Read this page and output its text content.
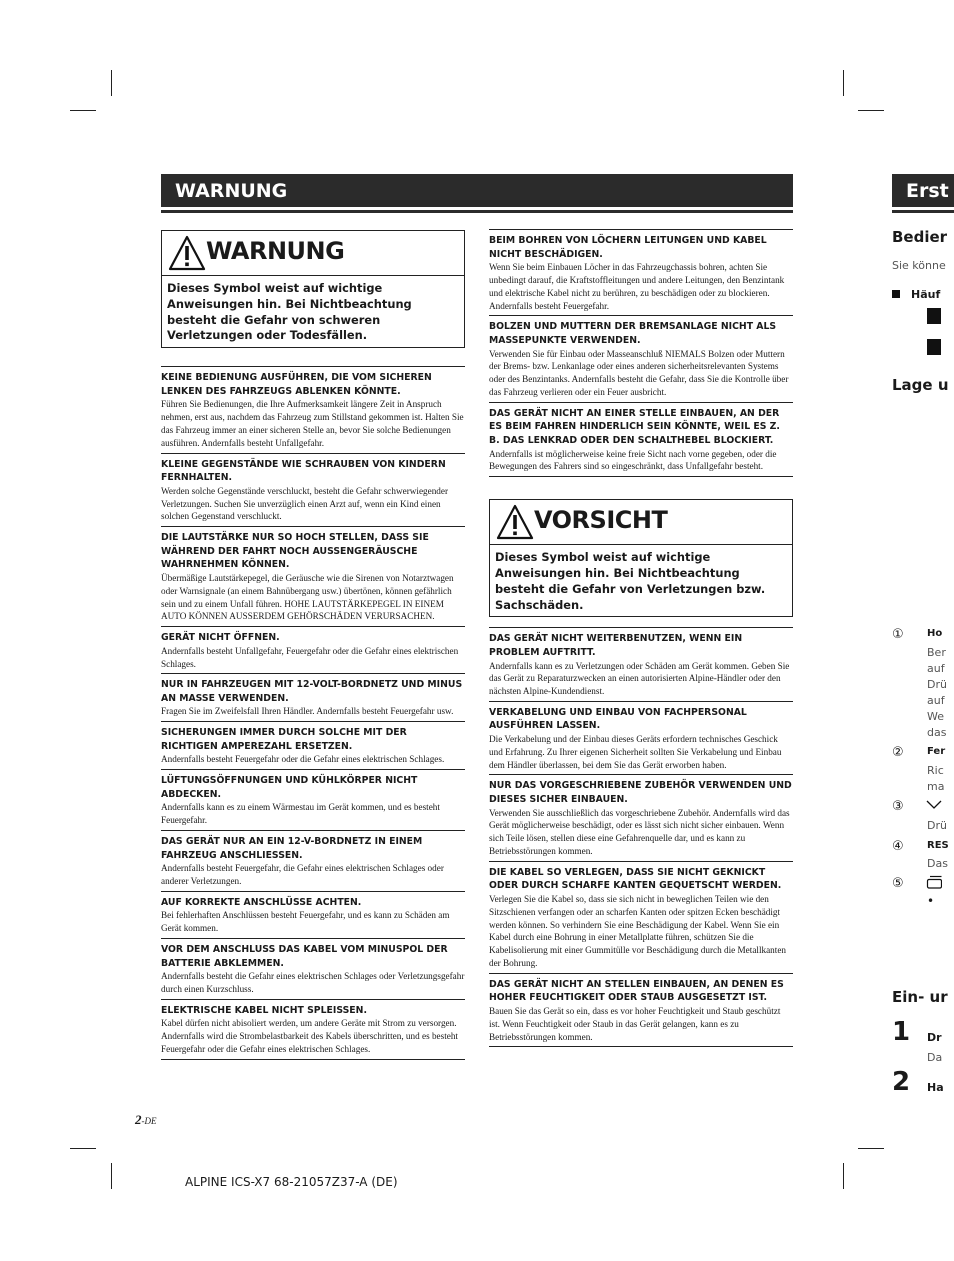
WARNUNG
WARNUNG
Dieses Symbol weist auf wichtige Anweisungen hin. Bei Nichtbeachtung besteht die Gefahr von schweren Verletzungen oder Todesfällen.
KEINE BEDIENUNG AUSFÜHREN, DIE VOM SICHEREN LENKEN DES FAHRZEUGS ABLENKEN KÖNNTE.
Führen Sie Bedienungen, die Ihre Aufmerksamkeit längere Zeit in Anspruch nehmen, erst aus, nachdem das Fahrzeug zum Stillstand gekommen ist. Halten Sie das Fahrzeug immer an einer sicheren Stelle an, bevor Sie solche Bedienungen ausführen. Andernfalls besteht Unfallgefahr.
KLEINE GEGENSTÄNDE WIE SCHRAUBEN VON KINDERN FERNHALTEN.
Werden solche Gegenstände verschluckt, besteht die Gefahr schwerwiegender Verletzungen. Suchen Sie unverzüglich einen Arzt auf, wenn ein Kind einen solchen Gegenstand verschluckt.
DIE LAUTSTÄRKE NUR SO HOCH STELLEN, DASS SIE WÄHREND DER FAHRT NOCH AUSSENGERÄUSCHE WAHRNEHMEN KÖNNEN.
Übermäßige Lautstärkepegel, die Geräusche wie die Sirenen von Notarztwagen oder Warnsignale (an einem Bahnübergang usw.) übertönen, können gefährlich sein und zu einem Unfall führen. HOHE LAUTSTÄRKEPEGEL IN EINEM AUTO KÖNNEN AUSSERDEM GEHÖRSCHÄDEN VERURSACHEN.
GERÄT NICHT ÖFFNEN.
Andernfalls besteht Unfallgefahr, Feuergefahr oder die Gefahr eines elektrischen Schlages.
NUR IN FAHRZEUGEN MIT 12-VOLT-BORDNETZ UND MINUS AN MASSE VERWENDEN.
Fragen Sie im Zweifelsfall Ihren Händler. Andernfalls besteht Feuergefahr usw.
SICHERUNGEN IMMER DURCH SOLCHE MIT DER RICHTIGEN AMPEREZAHL ERSETZEN.
Andernfalls besteht Feuergefahr oder die Gefahr eines elektrischen Schlages.
LÜFTUNGSÖFFNUNGEN UND KÜHLKÖRPER NICHT ABDECKEN.
Andernfalls kann es zu einem Wärmestau im Gerät kommen, und es besteht Feuergefahr.
DAS GERÄT NUR AN EIN 12-V-BORDNETZ IN EINEM FAHRZEUG ANSCHLIESSEN.
Andernfalls besteht Feuergefahr, die Gefahr eines elektrischen Schlages oder anderer Verletzungen.
AUF KORREKTE ANSCHLÜSSE ACHTEN.
Bei fehlerhaften Anschlüssen besteht Feuergefahr, und es kann zu Schäden am Gerät kommen.
VOR DEM ANSCHLUSS DAS KABEL VOM MINUSPOL DER BATTERIE ABKLEMMEN.
Andernfalls besteht die Gefahr eines elektrischen Schlages oder Verletzungsgefahr durch einen Kurzschluss.
ELEKTRISCHE KABEL NICHT SPLEISSEN.
Kabel dürfen nicht abisoliert werden, um andere Geräte mit Strom zu versorgen. Andernfalls wird die Strombelastbarkeit des Kabels überschritten, und es besteht Feuergefahr oder die Gefahr eines elektrischen Schlages.
BEIM BOHREN VON LÖCHERN LEITUNGEN UND KABEL NICHT BESCHÄDIGEN.
Wenn Sie beim Einbauen Löcher in das Fahrzeugchassis bohren, achten Sie unbedingt darauf, die Kraftstoffleitungen und andere Leitungen, den Benzintank und elektrische Kabel nicht zu berühren, zu beschädigen oder zu blockieren. Andernfalls besteht Feuergefahr.
BOLZEN UND MUTTERN DER BREMSANLAGE NICHT ALS MASSEPUNKTE VERWENDEN.
Verwenden Sie für Einbau oder Masseanschluß NIEMALS Bolzen oder Muttern der Brems- bzw. Lenkanlage oder eines anderen sicherheitsrelevanten Systems oder des Benzintanks. Andernfalls besteht die Gefahr, dass Sie die Kontrolle über das Fahrzeug verlieren oder ein Feuer ausbricht.
DAS GERÄT NICHT AN EINER STELLE EINBAUEN, AN DER ES BEIM FAHREN HINDERLICH SEIN KÖNNTE, WEIL ES Z. B. DAS LENKRAD ODER DEN SCHALTHEBEL BLOCKIERT.
Andernfalls ist möglicherweise keine freie Sicht nach vorne gegeben, oder die Bewegungen des Fahrers sind so eingeschränkt, dass Unfallgefahr besteht.
VORSICHT
Dieses Symbol weist auf wichtige Anweisungen hin. Bei Nichtbeachtung besteht die Gefahr von Verletzungen bzw. Sachschäden.
DAS GERÄT NICHT WEITERBENUTZEN, WENN EIN PROBLEM AUFTRITT.
Andernfalls kann es zu Verletzungen oder Schäden am Gerät kommen. Geben Sie das Gerät zu Reparaturzwecken an einen autorisierten Alpine-Händler oder den nächsten Alpine-Kundendienst.
VERKABELUNG UND EINBAU VON FACHPERSONAL AUSFÜHREN LASSEN.
Die Verkabelung und der Einbau dieses Geräts erfordern technisches Geschick und Erfahrung. Zu Ihrer eigenen Sicherheit sollten Sie Verkabelung und Einbau dem Händler überlassen, bei dem Sie das Gerät erworben haben.
NUR DAS VORGESCHRIEBENE ZUBEHÖR VERWENDEN UND DIESES SICHER EINBAUEN.
Verwenden Sie ausschließlich das vorgeschriebene Zubehör. Andernfalls wird das Gerät möglicherweise beschädigt, oder es lässt sich nicht sicher einbauen. Wenn sich Teile lösen, stellen diese eine Gefahrenquelle dar, und es kann zu Betriebsstörungen kommen.
DIE KABEL SO VERLEGEN, DASS SIE NICHT GEKNICKT ODER DURCH SCHARFE KANTEN GEQUETSCHT WERDEN.
Verlegen Sie die Kabel so, dass sie sich nicht in beweglichen Teilen wie den Sitzschienen verfangen oder an scharfen Kanten oder spitzen Ecken beschädigt werden können. So verhindern Sie eine Beschädigung der Kabel. Wenn Sie ein Kabel durch eine Bohrung in einer Metallplatte führen, schützen Sie die Kabelisolierung mit einer Gummitülle vor Beschädigung durch die Metallkanten der Bohrung.
DAS GERÄT NICHT AN STELLEN EINBAUEN, AN DENEN ES HOHER FEUCHTIGKEIT ODER STAUB AUSGESETZT IST.
Bauen Sie das Gerät so ein, dass es vor hoher Feuchtigkeit und Staub geschützt ist. Wenn Feuchtigkeit oder Staub in das Gerät gelangen, kann es zu Betriebsstörungen kommen.
2-DE
ALPINE ICS-X7 68-21057Z37-A (DE)
Erst
Bedier
Sie könne
Häuf
Lage u
①	Ho
Ber
auf
Drü
auf
We
das
②	Fer
Ric
ma
③
Drü
④	RES
Das
⑤
•
Ein- ur
1	Dr
Da
2	Ha
